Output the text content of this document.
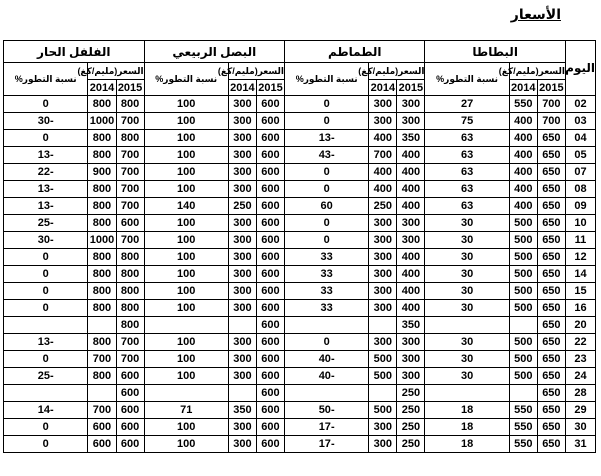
الأسعار
اليوم	البطاطا			الطماطم			البصل الربيعي			الفلفل الحار		
	السعر(مليم/كغ)		نسبة التطور%	السعر(مليم/كغ)		نسبة التطور%	السعر(مليم/كغ)		نسبة التطور%	السعر(مليم/كغ)		نسبة التطور%
	2015	2014		2015	2014		2015	2014		2015	2014	
02	700	550	27	300	300	0	600	300	100	800	800	0
03	700	400	75	300	300	0	600	300	100	700	1000	-30
04	650	400	63	350	400	-13	600	300	100	800	800	0
05	650	400	63	400	700	-43	600	300	100	700	800	-13
07	650	400	63	400	400	0	600	300	100	700	900	-22
08	650	400	63	400	400	0	600	300	100	700	800	-13
09	650	400	63	400	250	60	600	250	140	700	800	-13
10	650	500	30	300	300	0	600	300	100	600	800	-25
11	650	500	30	300	300	0	600	300	100	700	1000	-30
12	650	500	30	400	300	33	600	300	100	800	800	0
14	650	500	30	400	300	33	600	300	100	800	800	0
15	650	500	30	400	300	33	600	300	100	800	800	0
16	650	500	30	400	300	33	600	300	100	800	800	0
20	650			350			600			800		
22	650	500	30	300	300	0	600	300	100	700	800	-13
23	650	500	30	300	500	-40	600	300	100	700	700	0
24	650	500	30	300	500	-40	600	300	100	600	800	-25
28	650			250			600			600		
29	650	550	18	250	500	-50	600	350	71	600	700	-14
30	650	550	18	250	300	-17	600	300	100	600	600	0
31	650	550	18	250	300	-17	600	300	100	600	600	0
